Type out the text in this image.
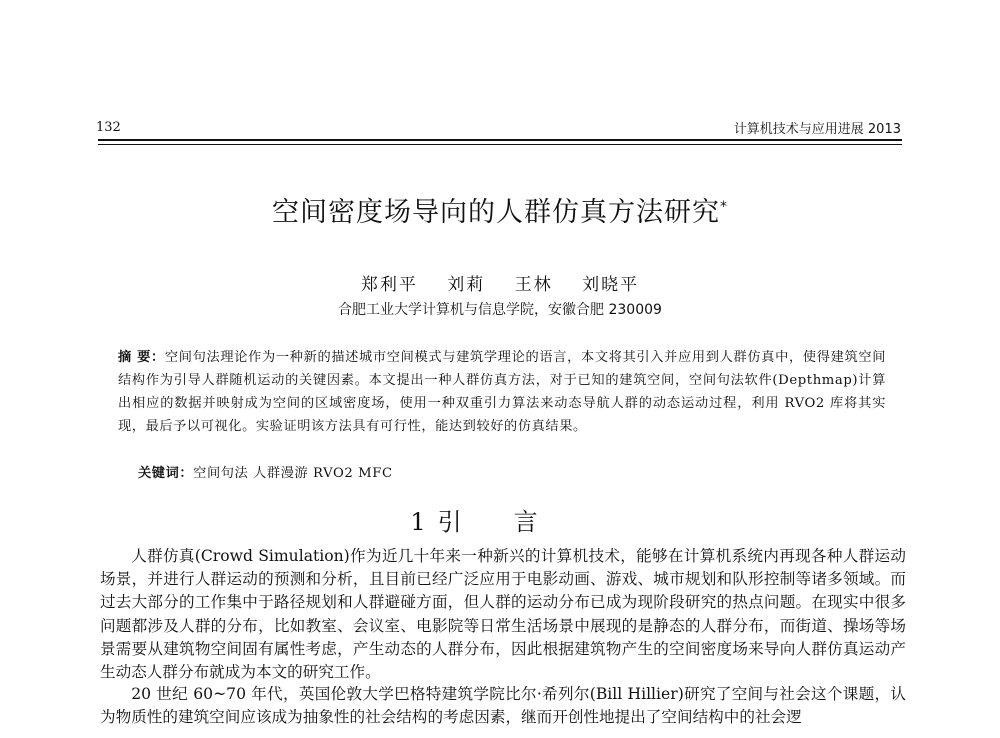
132	计算机技术与应用进展 2013
空间密度场导向的人群仿真方法研究*
郑利平 刘莉 王林 刘晓平
合肥工业大学计算机与信息学院，安徽合肥 230009
摘 要：空间句法理论作为一种新的描述城市空间模式与建筑学理论的语言，本文将其引入并应用到人群仿真中，使得建筑空间结构作为引导人群随机运动的关键因素。本文提出一种人群仿真方法，对于已知的建筑空间，空间句法软件(Depthmap)计算出相应的数据并映射成为空间的区域密度场，使用一种双重引力算法来动态导航人群的动态运动过程，利用 RVO2 库将其实现，最后予以可视化。实验证明该方法具有可行性，能达到较好的仿真结果。
关键词：空间句法 人群漫游 RVO2 MFC
1 引言
人群仿真(Crowd Simulation)作为近几十年来一种新兴的计算机技术，能够在计算机系统内再现各种人群运动场景，并进行人群运动的预测和分析，且目前已经广泛应用于电影动画、游戏、城市规划和队形控制等诸多领域。而过去大部分的工作集中于路径规划和人群避碰方面，但人群的运动分布已成为现阶段研究的热点问题。在现实中很多问题都涉及人群的分布，比如教室、会议室、电影院等日常生活场景中展现的是静态的人群分布，而街道、操场等场景需要从建筑物空间固有属性考虑，产生动态的人群分布，因此根据建筑物产生的空间密度场来导向人群仿真运动产生动态人群分布就成为本文的研究工作。
20 世纪 60~70 年代，英国伦敦大学巴格特建筑学院比尔·希列尔(Bill Hillier)研究了空间与社会这个课题，认为物质性的建筑空间应该成为抽象性的社会结构的考虑因素，继而开创性地提出了空间结构中的社会逻
